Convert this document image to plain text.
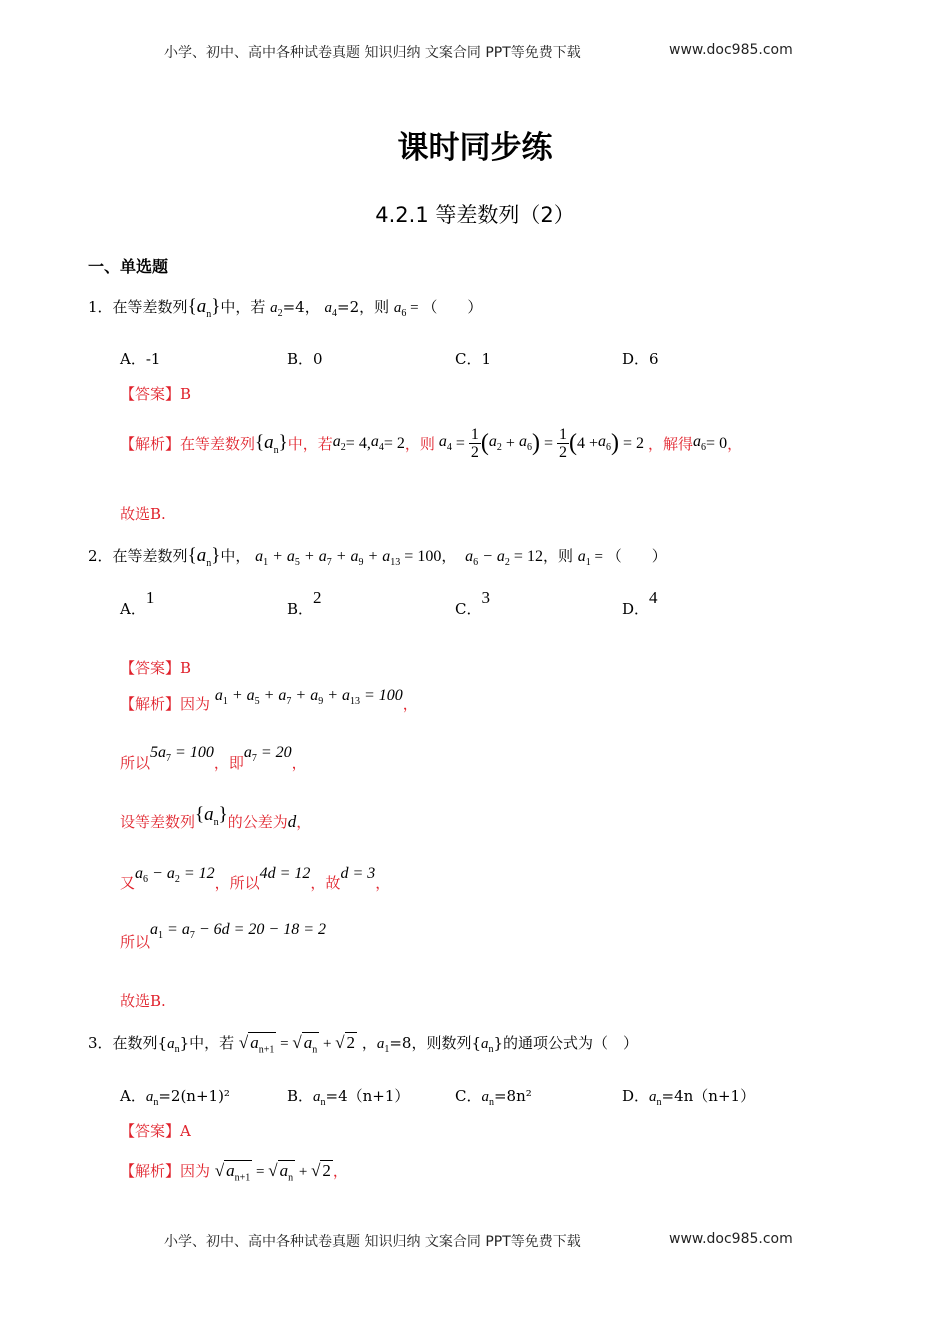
小学、初中、高中各种试卷真题 知识归纳 文案合同 PPT等免费下载	www.doc985.com
课时同步练
4.2.1 等差数列（2）
一、单选题
1．在等差数列$\{a_n\}$中，若 $a_2=4$， $a_4=2$，则 $a_6$ = （　　）
A．-1	B．0	C．1	D．6
【答案】B
【解析】 在等差数列 $\{a_n\}$ 中，若 $a_2 = 4$, $a_4 = 2$ ，则 $a_4 = \frac{1}{2}$ ( $a_2 + a_6$ ) = $\frac{1}{2}$ ( $4 + a_6$ ) = 2 ，解得 $a_6 = 0$ ，
故选B.
2．在等差数列$\{a_n\}$中， $a_1 + a_5 + a_7 + a_9 + a_{13} = 100$，  $a_6 - a_2 = 12$，则 $a_1$ = （　　）
A．1
B．2
C．3
D．4
【答案】B
【解析】因为 $a_1 + a_5 + a_7 + a_9 + a_{13} = 100$，
所以$5a_7 = 100$，即$a_7 = 20$，
设等差数列$\{a_n\}$的公差为d，
又$a_6 - a_2 = 12$，所以4d = 12，故d = 3，
所以$a_1 = a_7 - 6d = 20 - 18 = 2$
故选B.
3．在数列$\{a_n\}$中，若 √ $a_{n+1}$ = √ $a_n$ + √ 2 ，$a_1=8$，则数列$\{a_n\}$的通项公式为（　）
A．$a_n=2(n+1)^2$	B．$a_n=4(n+1)$	C．$a_n=8n^2$	D．$a_n=4n(n+1)$
【答案】A
【解析】因为 √ $a_{n+1}$ = √ $a_n$ + √ 2 ，
小学、初中、高中各种试卷真题 知识归纳 文案合同 PPT等免费下载	www.doc985.com
